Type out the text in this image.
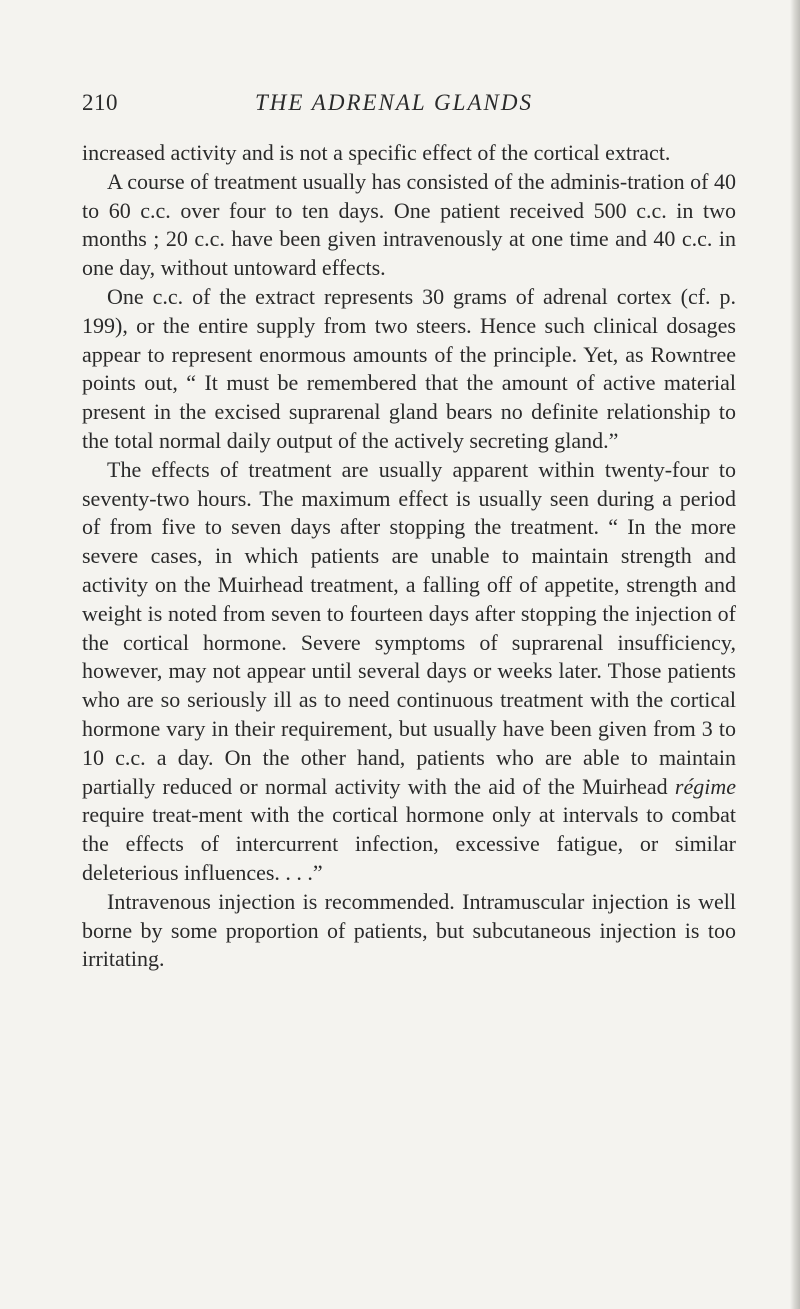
210	THE ADRENAL GLANDS

increased activity and is not a specific effect of the cortical extract.

A course of treatment usually has consisted of the adminis-tration of 40 to 60 c.c. over four to ten days. One patient received 500 c.c. in two months ; 20 c.c. have been given intravenously at one time and 40 c.c. in one day, without untoward effects.

One c.c. of the extract represents 30 grams of adrenal cortex (cf. p. 199), or the entire supply from two steers. Hence such clinical dosages appear to represent enormous amounts of the principle. Yet, as Rowntree points out, “ It must be remembered that the amount of active material present in the excised suprarenal gland bears no definite relationship to the total normal daily output of the actively secreting gland.”

The effects of treatment are usually apparent within twenty-four to seventy-two hours. The maximum effect is usually seen during a period of from five to seven days after stopping the treatment. “ In the more severe cases, in which patients are unable to maintain strength and activity on the Muirhead treatment, a falling off of appetite, strength and weight is noted from seven to fourteen days after stopping the injection of the cortical hormone. Severe symptoms of suprarenal insufficiency, however, may not appear until several days or weeks later. Those patients who are so seriously ill as to need continuous treatment with the cortical hormone vary in their requirement, but usually have been given from 3 to 10 c.c. a day. On the other hand, patients who are able to maintain partially reduced or normal activity with the aid of the Muirhead régime require treat-ment with the cortical hormone only at intervals to combat the effects of intercurrent infection, excessive fatigue, or similar deleterious influences. . . .”

Intravenous injection is recommended. Intramuscular injection is well borne by some proportion of patients, but subcutaneous injection is too irritating.
